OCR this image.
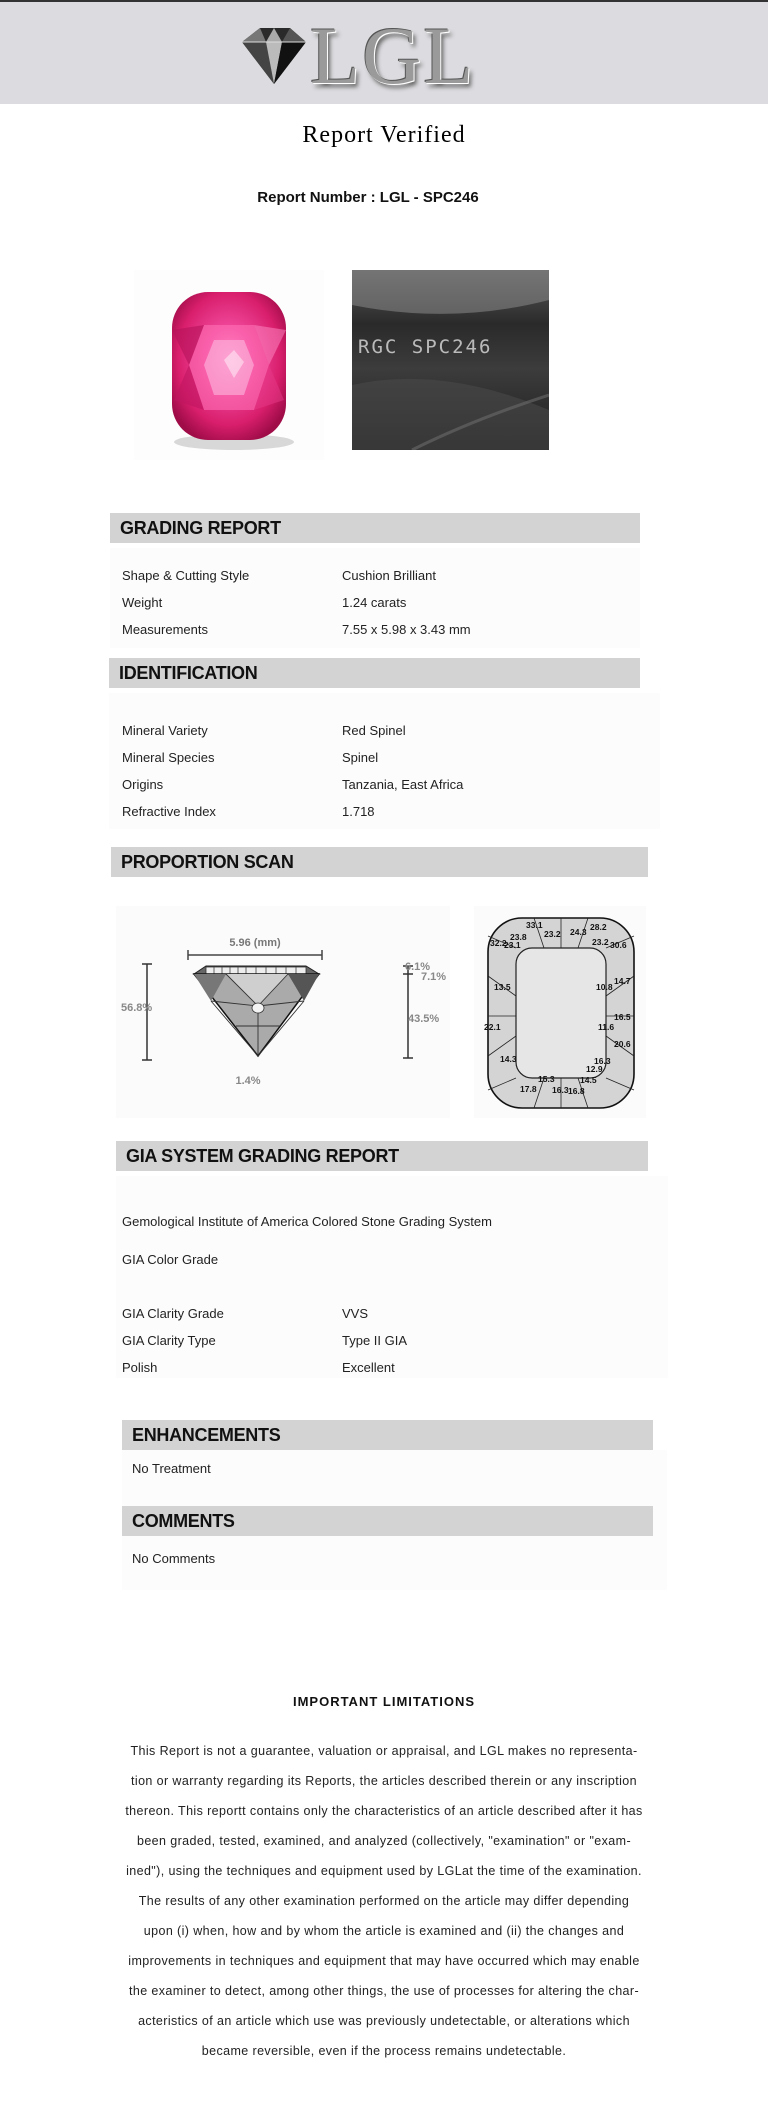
LGL
Report Verified
Report Number : LGL - SPC246
RGC SPC246
GRADING REPORT
Shape & Cutting Style	Cushion Brilliant
Weight	1.24 carats
Measurements	7.55 x 5.98 x 3.43 mm
IDENTIFICATION
Mineral Variety	Red Spinel
Mineral Species	Spinel
Origins	Tanzania, East Africa
Refractive Index	1.718
PROPORTION SCAN
5.96 (mm)
56.8%
1.4%
6.1%
7.1%
43.5%
33.1
24.3 28.2
32.2
23.8 23.2
23.2 30.6
23.1
13.5	10.8
14.7
16.5
22.1	11.6
20.6
16.3
14.3
12.9
15.3	14.5
17.8 16.3 16.8
GIA SYSTEM GRADING REPORT
Gemological Institute of America Colored Stone Grading System
GIA Color Grade
GIA Clarity Grade	VVS
GIA Clarity Type	Type II GIA
Polish	Excellent
ENHANCEMENTS
No Treatment
COMMENTS
No Comments
IMPORTANT LIMITATIONS
This Report is not a guarantee, valuation or appraisal, and LGL makes no representa-
tion or warranty regarding its Reports, the articles described therein or any inscription
thereon. This reportt contains only the characteristics of an article described after it has
been graded, tested, examined, and analyzed (collectively, "examination" or "exam-
ined"), using the techniques and equipment used by LGLat the time of the examination.
The results of any other examination performed on the article may differ depending
upon (i) when, how and by whom the article is examined and (ii) the changes and
improvements in techniques and equipment that may have occurred which may enable
the examiner to detect, among other things, the use of processes for altering the char-
acteristics of an article which use was previously undetectable, or alterations which
became reversible, even if the process remains undetectable.
